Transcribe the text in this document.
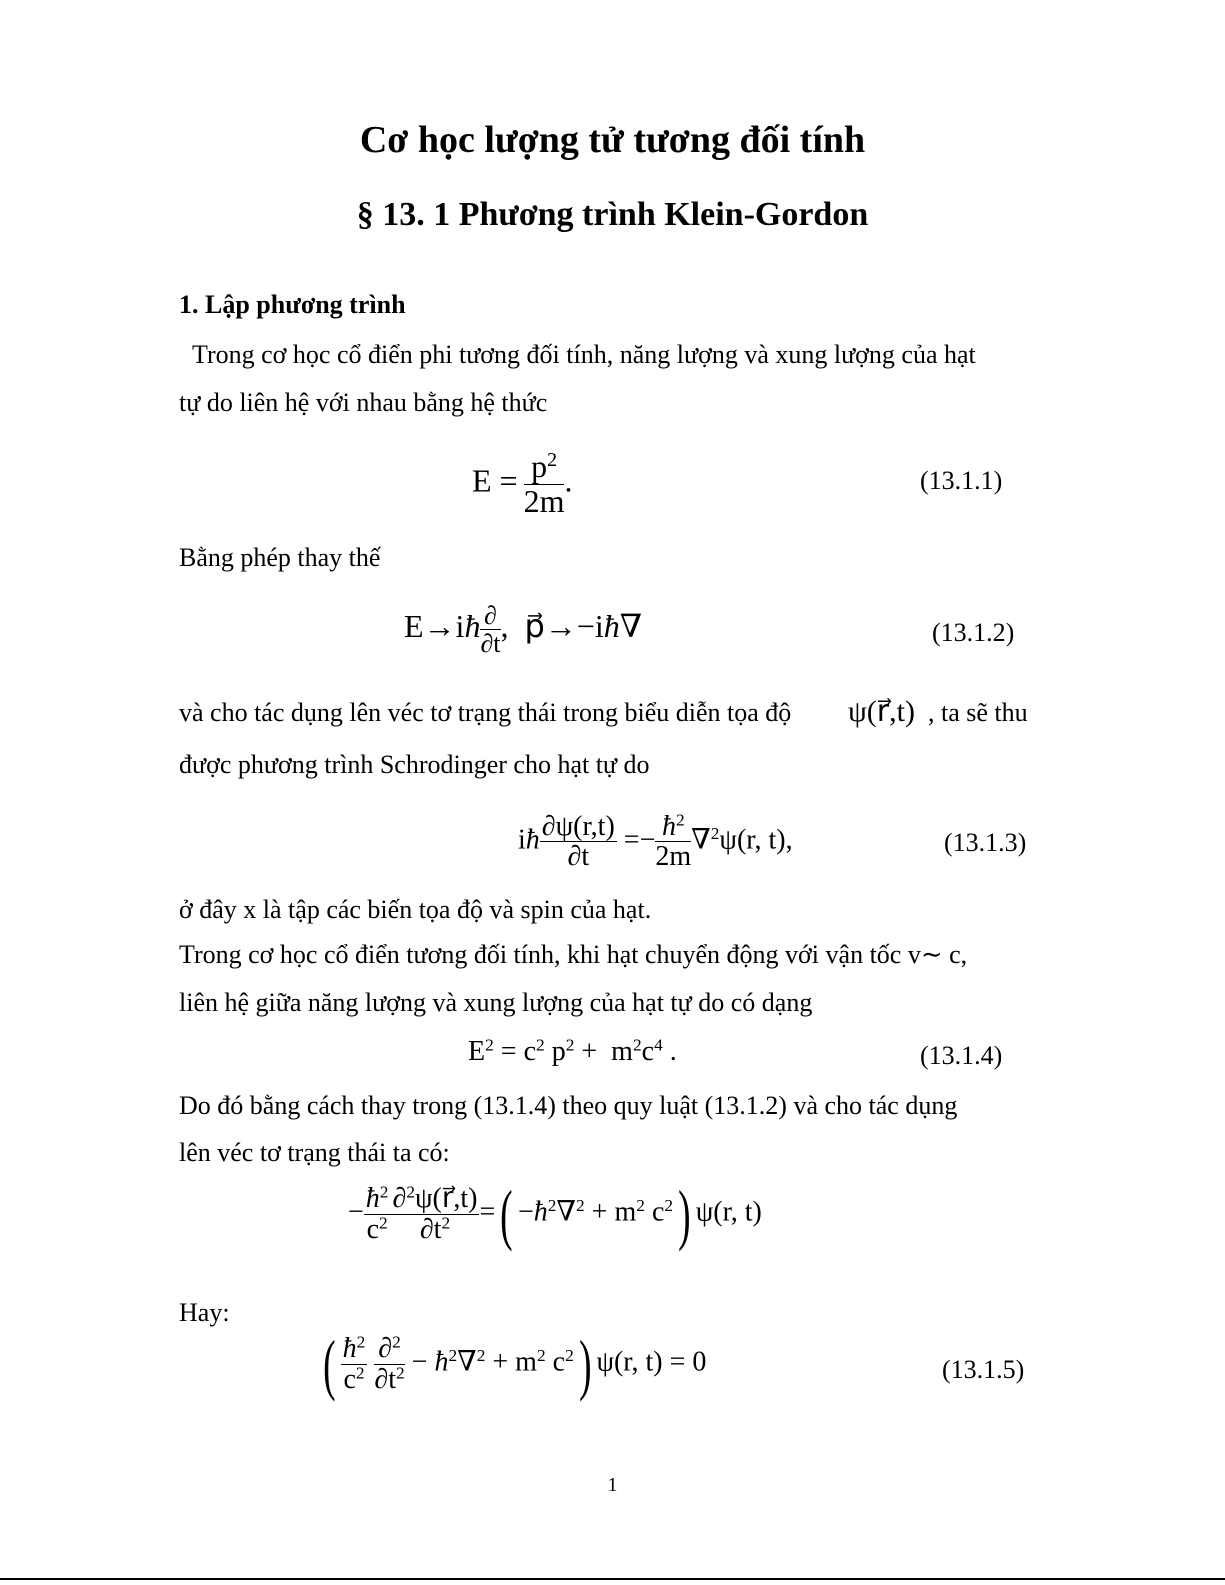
Cơ học lượng tử tương đối tính
§ 13. 1 Phương trình Klein-Gordon
1. Lập phương trình
Trong cơ học cổ điển phi tương đối tính, năng lượng và xung lượng của hạt
tự do liên hệ với nhau bằng hệ thức
$E = \frac{p^2}{2m}$ .	(13.1.1)
Bằng phép thay thế
E→iħ $\frac{\partial}{\partial t}$ ,  p⃗→−iħ∇	(13.1.2)
và cho tác dụng lên véc tơ trạng thái trong biểu diễn tọa độ ψ(r⃗,t) , ta sẽ thu
được phương trình Schrodinger cho hạt tự do
iħ $\frac{\partial\psi(r,t)}{\partial t} =- \frac{ħ^2}{2m} \nabla^2\psi(r$, t),	(13.1.3)
ở đây x là tập các biến tọa độ và spin của hạt.
Trong cơ học cổ điển tương đối tính, khi hạt chuyển động với vận tốc v∼ c,
liên hệ giữa năng lượng và xung lượng của hạt tự do có dạng
$E^2 = c^2$ $p^2 + m^2c^4$ .	(13.1.4)
Do đó bằng cách thay trong (13.1.4) theo quy luật (13.1.2) và cho tác dụng
lên véc tơ trạng thái ta có:
− $\frac{ħ^2}{c^2} \frac{\partial^2\psi(r⃗,t)}{\partial t^2}$ =( $-ħ^2\nabla^2 + m^2$ $c^2$) ψ(r, t)
Hay:
( $\frac{ħ^2}{c^2}$
$\frac{\partial^2}{\partial t^2}$ − $ħ^2\nabla^2 + m^2$ $c^2$) ψ(r, t) = 0	(13.1.5)
1
